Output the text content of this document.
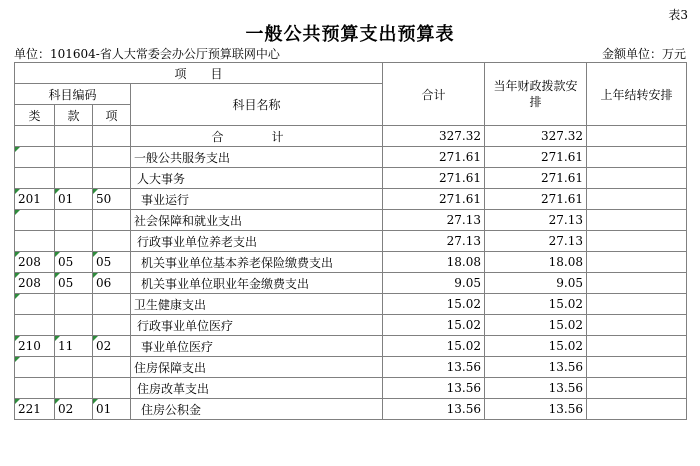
表3
一般公共预算支出预算表
单位：101604-省人大常委会办公厅预算联网中心	金额单位：万元
项　　目				合计	当年财政拨款安排	上年结转安排
科目编码			科目名称			
类	款	项				
			合　计	327.32	327.32	
			一般公共服务支出	271.61	271.61	
			人大事务	271.61	271.61	
201	01	50	事业运行	271.61	271.61	
			社会保障和就业支出	27.13	27.13	
			行政事业单位养老支出	27.13	27.13	
208	05	05	机关事业单位基本养老保险缴费支出	18.08	18.08	
208	05	06	机关事业单位职业年金缴费支出	9.05	9.05	
			卫生健康支出	15.02	15.02	
			行政事业单位医疗	15.02	15.02	
210	11	02	事业单位医疗	15.02	15.02	
			住房保障支出	13.56	13.56	
			住房改革支出	13.56	13.56	
221	02	01	住房公积金	13.56	13.56	
